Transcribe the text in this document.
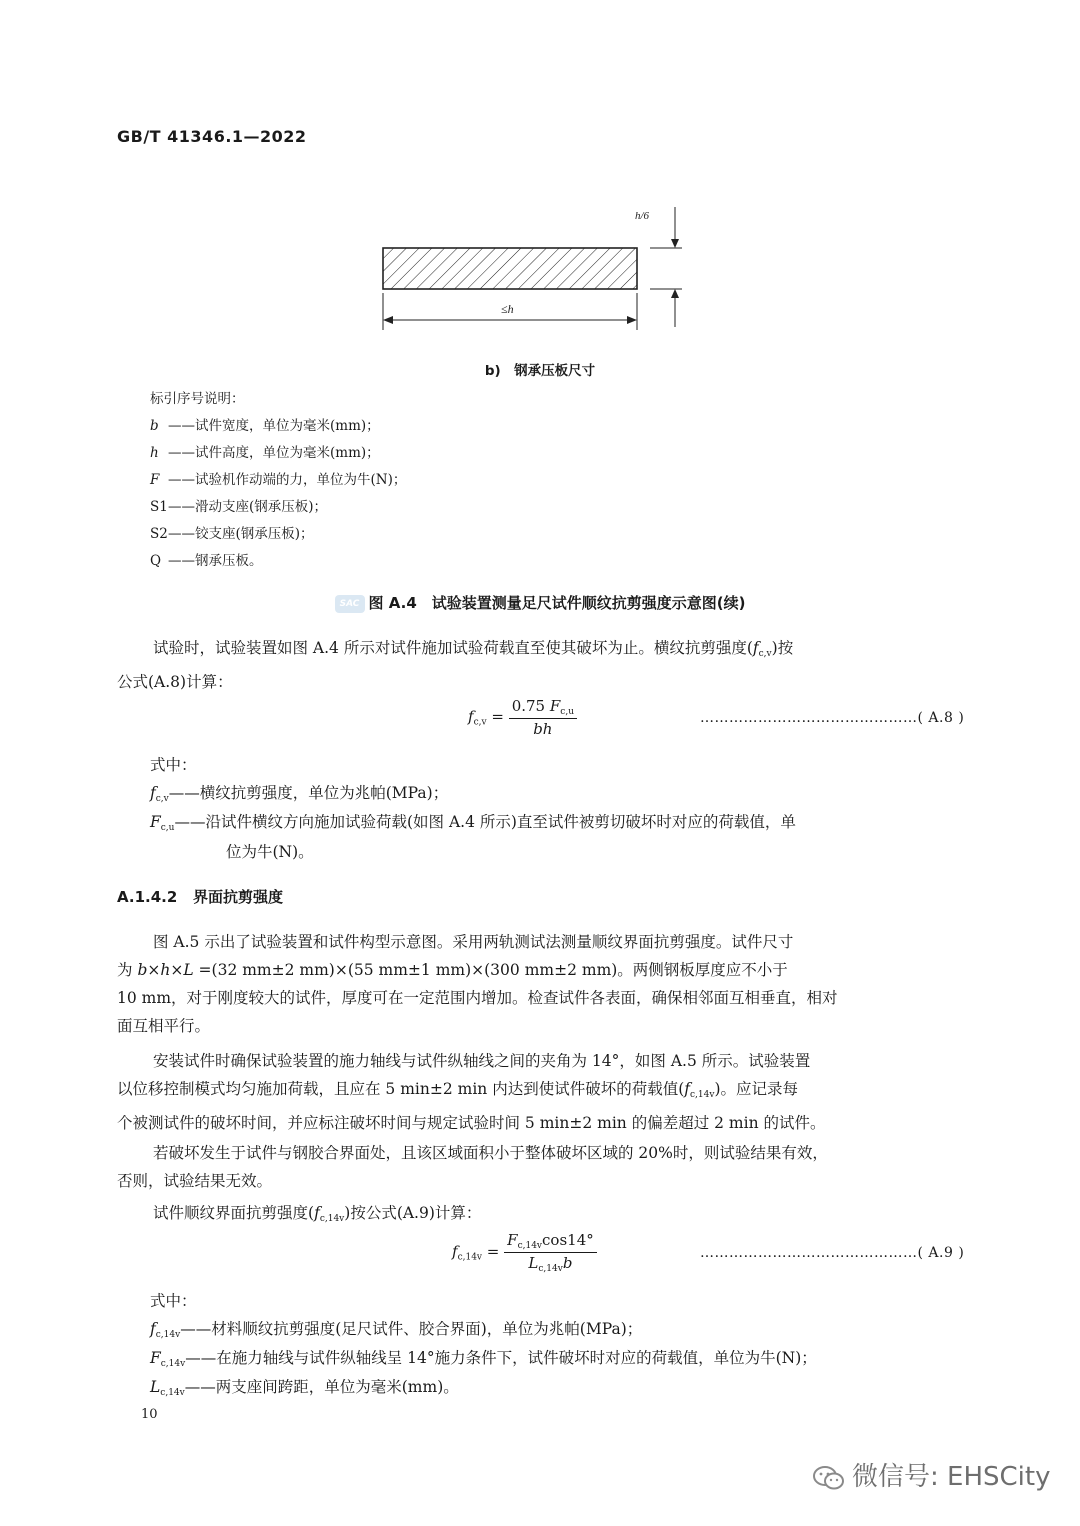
GB/T 41346.1—2022
h/6
≤h
b)　钢承压板尺寸
标引序号说明：
b ——试件宽度，单位为毫米(mm)；
h ——试件高度，单位为毫米(mm)；
F ——试验机作动端的力，单位为牛(N)；
S1——滑动支座(钢承压板)；
S2——铰支座(钢承压板)；
Q ——钢承压板。
SAC 图 A.4　试验装置测量足尺试件顺纹抗剪强度示意图(续)
试验时，试验装置如图 A.4 所示对试件施加试验荷载直至使其破坏为止。横纹抗剪强度$(f_{c,v})$按
公式(A.8)计算：
$f_{c,v} = \frac{0.75 F_{c,u}}{bh}$	………………………………………( A.8 )
式中：
$f_{c,v}——$横纹抗剪强度，单位为兆帕(MPa)；
$F_{c,u}——$沿试件横纹方向施加试验荷载(如图 A.4 所示)直至试件被剪切破坏时对应的荷载值，单
位为牛(N)。
A.1.4.2 界面抗剪强度
图 A.5 示出了试验装置和试件构型示意图。采用两轨测试法测量顺纹界面抗剪强度。试件尺寸
为 b×h×L =(32 mm±2 mm)×(55 mm±1 mm)×(300 mm±2 mm)。两侧钢板厚度应不小于
10 mm，对于刚度较大的试件，厚度可在一定范围内增加。检查试件各表面，确保相邻面互相垂直，相对
面互相平行。
安装试件时确保试验装置的施力轴线与试件纵轴线之间的夹角为 14°，如图 A.5 所示。试验装置
以位移控制模式均匀施加荷载，且应在 5 min±2 min 内达到使试件破坏的荷载值$(f_{c,14v})$。应记录每
个被测试件的破坏时间，并应标注破坏时间与规定试验时间 5 min±2 min 的偏差超过 2 min 的试件。
若破坏发生于试件与钢胶合界面处，且该区域面积小于整体破坏区域的 20%时，则试验结果有效，
否则，试验结果无效。
试件顺纹界面抗剪强度$(f_{c,14v})$按公式(A.9)计算：
$f_{c,14v} = \frac{F_{c,14v}\cos 14^\circ}{L_{c,14v}b}$	………………………………………( A.9 )
式中：
$f_{c,14v}——$材料顺纹抗剪强度(足尺试件、胶合界面)，单位为兆帕(MPa)；
$F_{c,14v}——$在施力轴线与试件纵轴线呈 14°施力条件下，试件破坏时对应的荷载值，单位为牛(N)；
$L_{c,14v}——$两支座间跨距，单位为毫米(mm)。
10
微信号: EHSCity
